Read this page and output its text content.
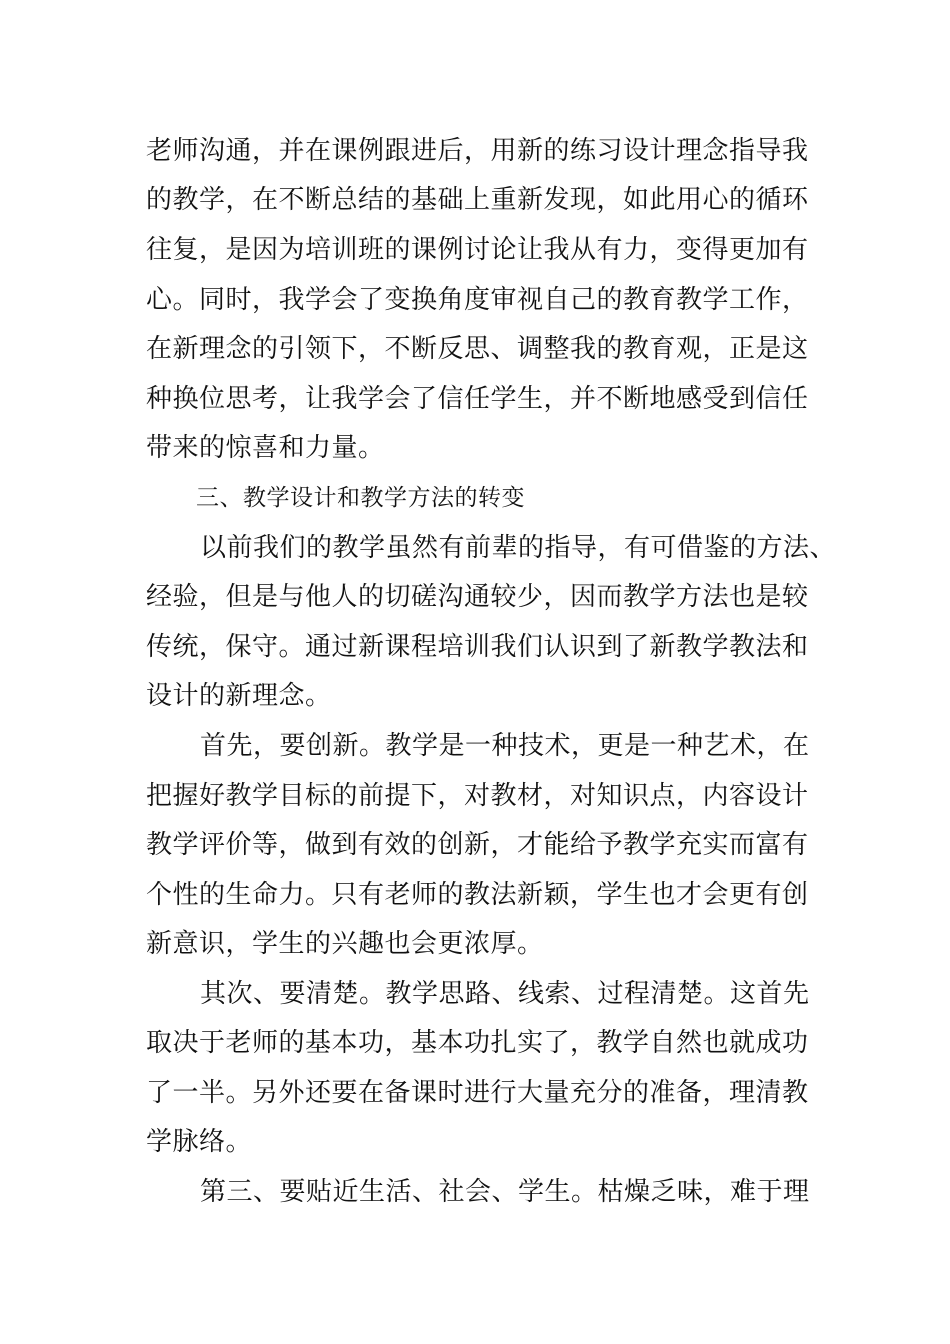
老师沟通，并在课例跟进后，用新的练习设计理念指导我
的教学，在不断总结的基础上重新发现，如此用心的循环
往复，是因为培训班的课例讨论让我从有力，变得更加有
心。同时，我学会了变换角度审视自己的教育教学工作，
在新理念的引领下，不断反思、调整我的教育观，正是这
种换位思考，让我学会了信任学生，并不断地感受到信任
带来的惊喜和力量。
三、教学设计和教学方法的转变
以前我们的教学虽然有前辈的指导，有可借鉴的方法、
经验，但是与他人的切磋沟通较少，因而教学方法也是较
传统，保守。通过新课程培训我们认识到了新教学教法和
设计的新理念。
首先，要创新。教学是一种技术，更是一种艺术，在
把握好教学目标的前提下，对教材，对知识点，内容设计
教学评价等，做到有效的创新，才能给予教学充实而富有
个性的生命力。只有老师的教法新颖，学生也才会更有创
新意识，学生的兴趣也会更浓厚。
其次、要清楚。教学思路、线索、过程清楚。这首先
取决于老师的基本功，基本功扎实了，教学自然也就成功
了一半。另外还要在备课时进行大量充分的准备，理清教
学脉络。
第三、要贴近生活、社会、学生。枯燥乏味，难于理
